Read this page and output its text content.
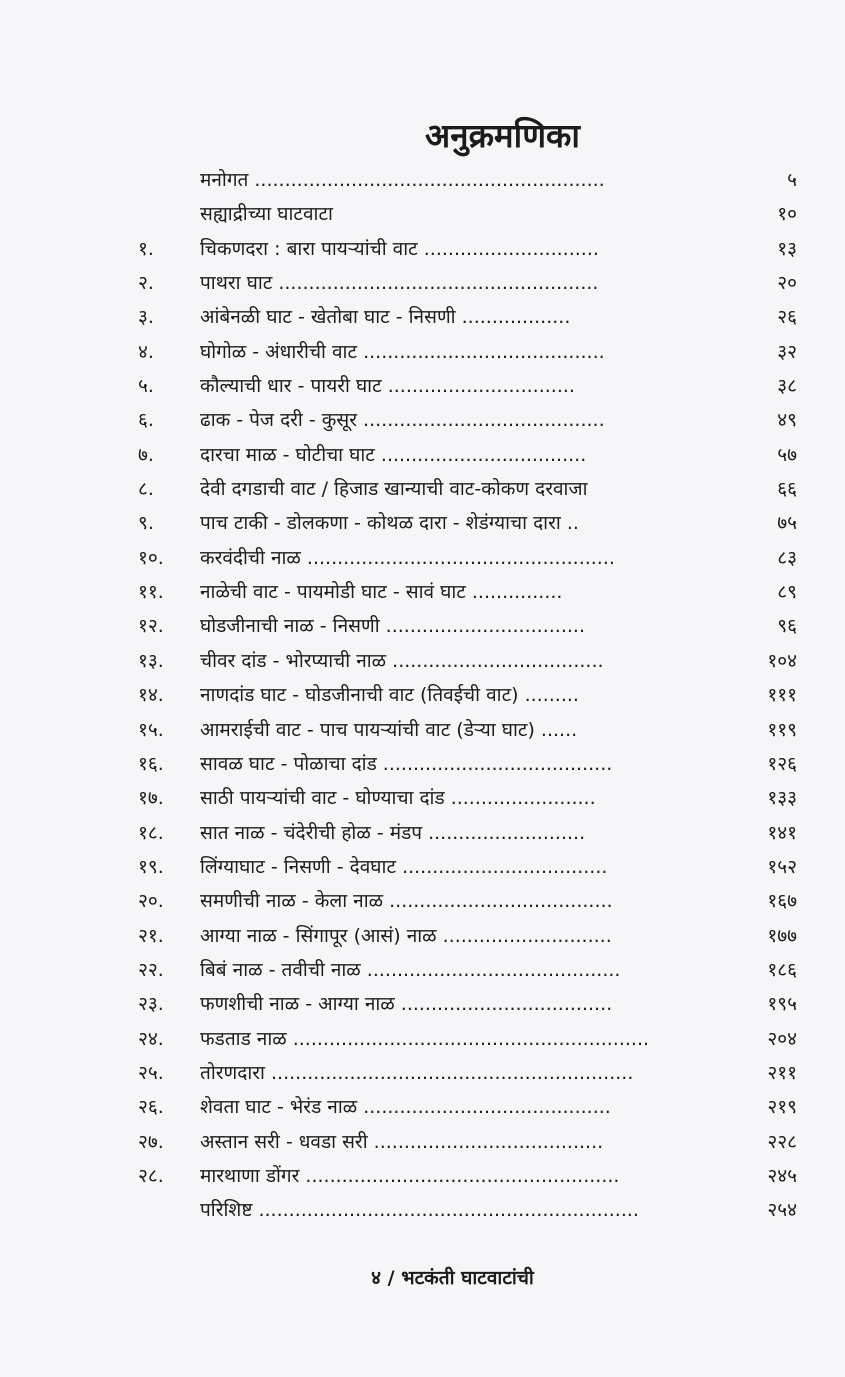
अनुक्रमणिका
मनोगत ..........................................................	५
सह्याद्रीच्या घाटवाटा	१०
१.	चिकणदरा : बारा पायऱ्यांची वाट .............................	१३
२.	पाथरा घाट .....................................................	२०
३.	आंबेनळी घाट - खेतोबा घाट - निसणी ..................	२६
४.	घोगोळ - अंधारीची वाट ........................................	३२
५.	कौल्याची धार - पायरी घाट ...............................	३८
६.	ढाक - पेज दरी - कुसूर ........................................	४९
७.	दारचा माळ - घोटीचा घाट ..................................	५७
८.	देवी दगडाची वाट / हिजाड खान्याची वाट-कोकण दरवाजा	६६
९.	पाच टाकी - डोलकणा - कोथळ दारा - शेडंग्याचा दारा ..	७५
१०.	करवंदीची नाळ ...................................................	८३
११.	नाळेची वाट - पायमोडी घाट - सावं घाट ...............	८९
१२.	घोडजीनाची नाळ - निसणी .................................	९६
१३.	चीवर दांड - भोरप्याची नाळ ...................................	१०४
१४.	नाणदांड घाट - घोडजीनाची वाट (तिवईची वाट) .........	१११
१५.	आमराईची वाट - पाच पायऱ्यांची वाट (डेऱ्या घाट) ......	११९
१६.	सावळ घाट - पोळाचा दांड ......................................	१२६
१७.	साठी पायऱ्यांची वाट - घोण्याचा दांड ........................	१३३
१८.	सात नाळ - चंदेरीची होळ - मंडप ..........................	१४१
१९.	लिंग्याघाट - निसणी - देवघाट ..................................	१५२
२०.	समणीची नाळ - केला नाळ .....................................	१६७
२१.	आग्या नाळ - सिंगापूर (आसं) नाळ ............................	१७७
२२.	बिबं नाळ - तवीची नाळ ..........................................	१८६
२३.	फणशीची नाळ - आग्या नाळ ...................................	१९५
२४.	फडताड नाळ ...........................................................	२०४
२५.	तोरणदारा ............................................................	२११
२६.	शेवता घाट - भेरंड नाळ .........................................	२१९
२७.	अस्तान सरी - धवडा सरी ......................................	२२८
२८.	मारथाणा डोंगर ....................................................	२४५
परिशिष्ट ...............................................................	२५४
४ / भटकंती घाटवाटांची
